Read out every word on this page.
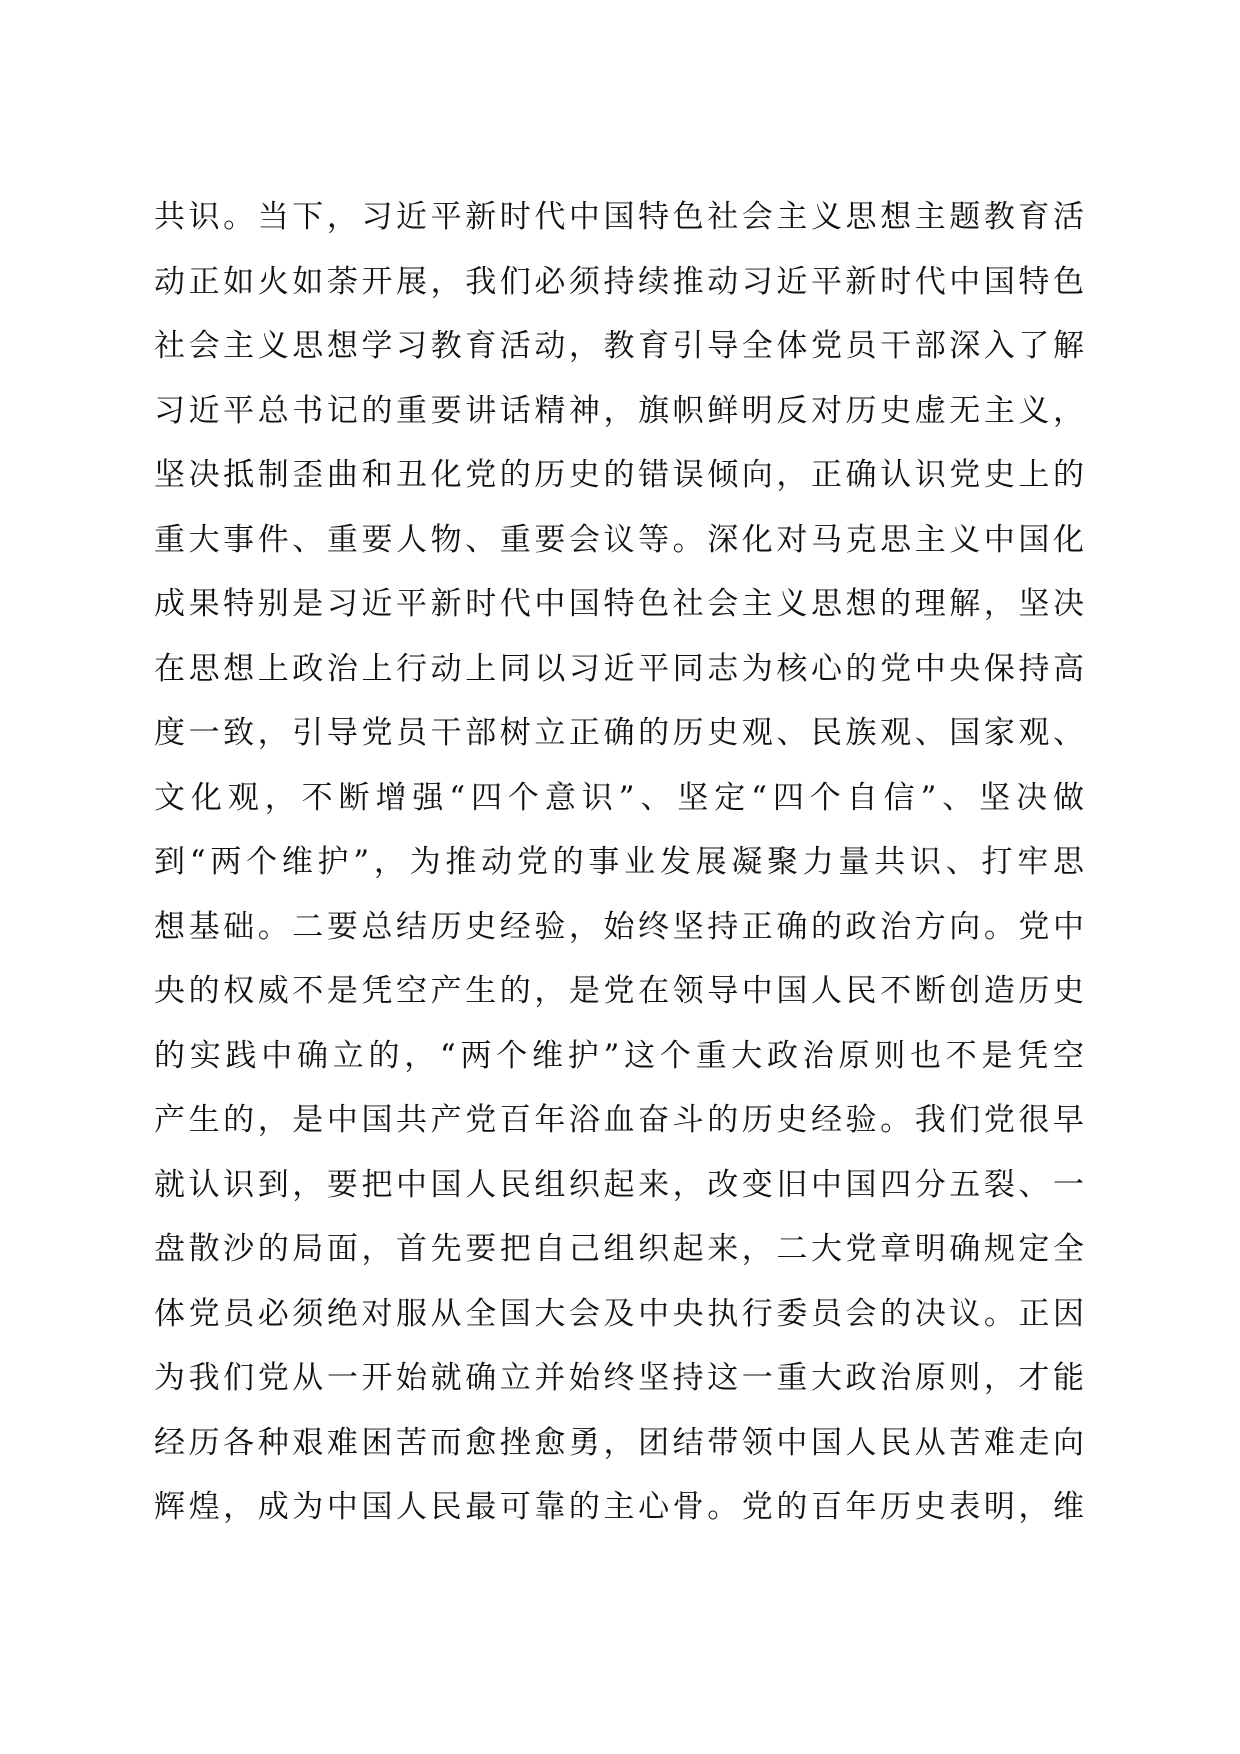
共识。当下，习近平新时代中国特色社会主义思想主题教育活
动正如火如荼开展，我们必须持续推动习近平新时代中国特色
社会主义思想学习教育活动，教育引导全体党员干部深入了解
习近平总书记的重要讲话精神，旗帜鲜明反对历史虚无主义，
坚决抵制歪曲和丑化党的历史的错误倾向，正确认识党史上的
重大事件、重要人物、重要会议等。深化对马克思主义中国化
成果特别是习近平新时代中国特色社会主义思想的理解，坚决
在思想上政治上行动上同以习近平同志为核心的党中央保持高
度一致，引导党员干部树立正确的历史观、民族观、国家观、
文化观，不断增强“四个意识”、坚定“四个自信”、坚决做
到“两个维护”，为推动党的事业发展凝聚力量共识、打牢思
想基础。二要总结历史经验，始终坚持正确的政治方向。党中
央的权威不是凭空产生的，是党在领导中国人民不断创造历史
的实践中确立的，“两个维护”这个重大政治原则也不是凭空
产生的，是中国共产党百年浴血奋斗的历史经验。我们党很早
就认识到，要把中国人民组织起来，改变旧中国四分五裂、一
盘散沙的局面，首先要把自己组织起来，二大党章明确规定全
体党员必须绝对服从全国大会及中央执行委员会的决议。正因
为我们党从一开始就确立并始终坚持这一重大政治原则，才能
经历各种艰难困苦而愈挫愈勇，团结带领中国人民从苦难走向
辉煌，成为中国人民最可靠的主心骨。党的百年历史表明，维
